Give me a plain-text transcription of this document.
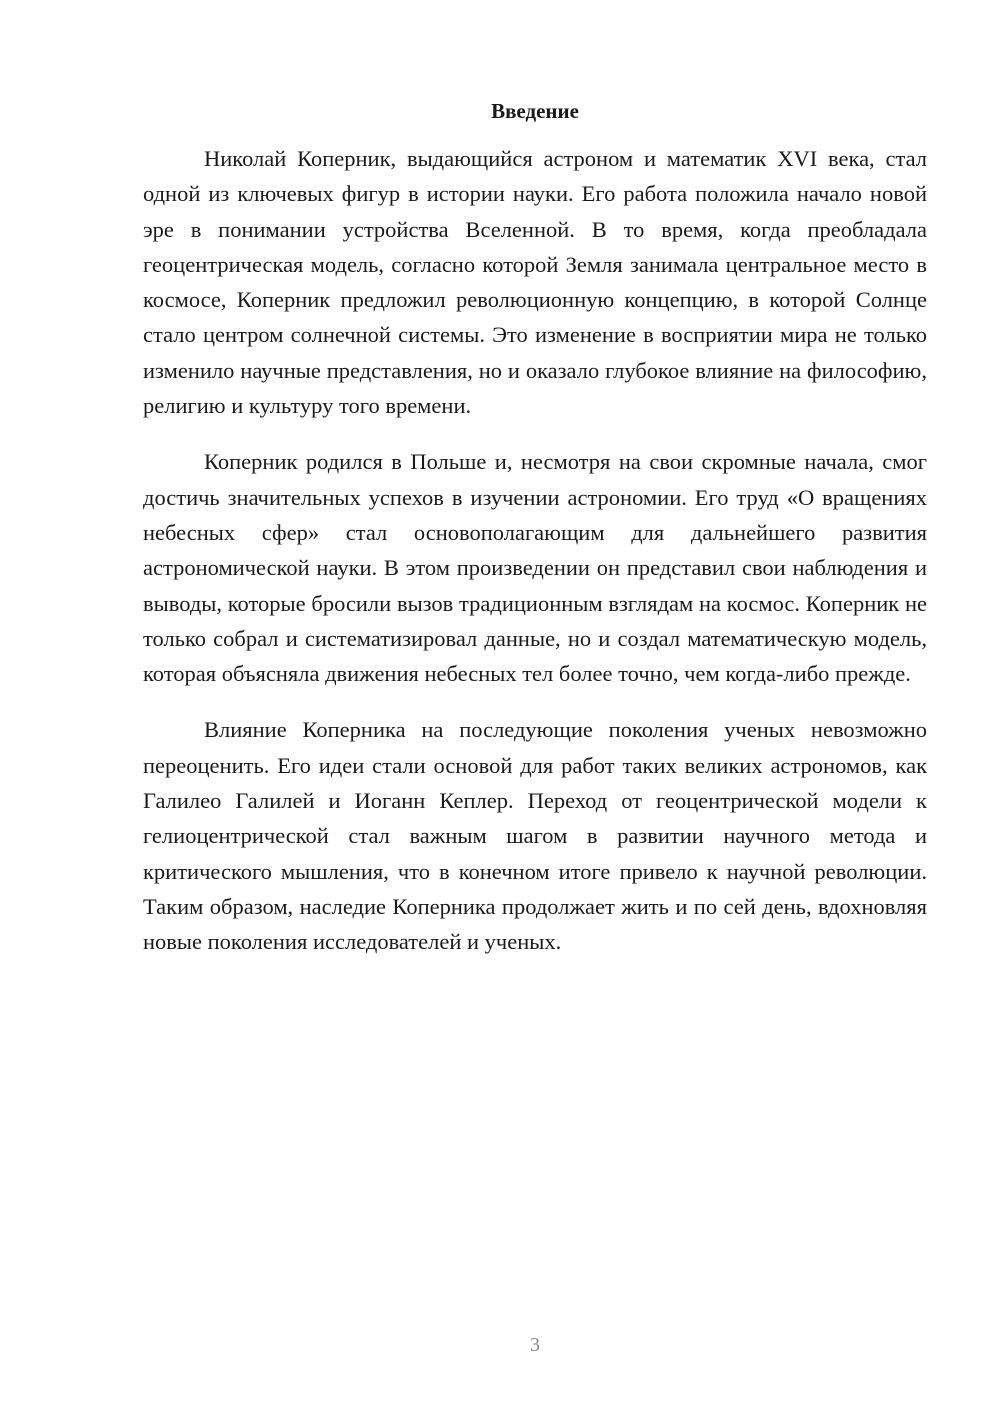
Введение

Николай Коперник, выдающийся астроном и математик XVI века, стал одной из ключевых фигур в истории науки. Его работа положила начало новой эре в понимании устройства Вселенной. В то время, когда преобладала геоцентрическая модель, согласно которой Земля занимала центральное место в космосе, Коперник предложил революционную концепцию, в которой Солнце стало центром солнечной системы. Это изменение в восприятии мира не только изменило научные представления, но и оказало глубокое влияние на философию, религию и культуру того времени.

Коперник родился в Польше и, несмотря на свои скромные начала, смог достичь значительных успехов в изучении астрономии. Его труд «О вращениях небесных сфер» стал основополагающим для дальнейшего развития астрономической науки. В этом произведении он представил свои наблюдения и выводы, которые бросили вызов традиционным взглядам на космос. Коперник не только собрал и систематизировал данные, но и создал математическую модель, которая объясняла движения небесных тел более точно, чем когда-либо прежде.

Влияние Коперника на последующие поколения ученых невозможно переоценить. Его идеи стали основой для работ таких великих астрономов, как Галилео Галилей и Иоганн Кеплер. Переход от геоцентрической модели к гелиоцентрической стал важным шагом в развитии научного метода и критического мышления, что в конечном итоге привело к научной революции. Таким образом, наследие Коперника продолжает жить и по сей день, вдохновляя новые поколения исследователей и ученых.

3
